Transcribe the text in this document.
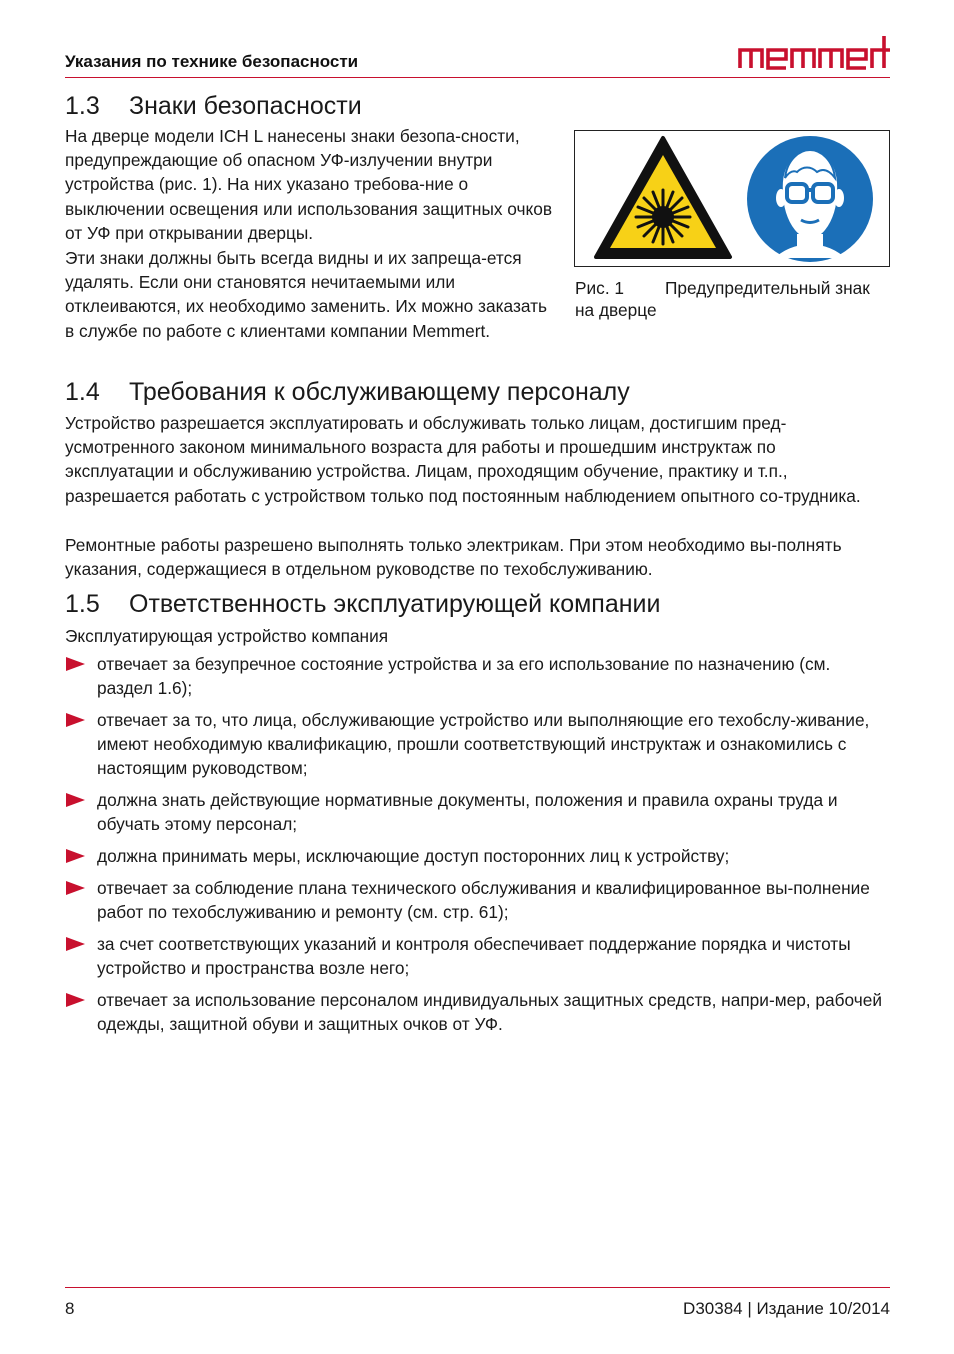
Указания по технике безопасности
1.3 Знаки безопасности

На дверце модели ICH L нанесены знаки безопа-сности, предупреждающие об опасном УФ-излучении внутри устройства (рис. 1). На них указано требова-ние о выключении освещения или использования защитных очков от УФ при открывании дверцы.

Эти знаки должны быть всегда видны и их запреща-ется удалять. Если они становятся нечитаемыми или отклеиваются, их необходимо заменить. Их можно заказать в службе по работе с клиентами компании Memmert.

Рис. 1 Предупредительный знак на дверце
1.4 Требования к обслуживающему персоналу

Устройство разрешается эксплуатировать и обслуживать только лицам, достигшим пред-усмотренного законом минимального возраста для работы и прошедшим инструктаж по эксплуатации и обслуживанию устройства. Лицам, проходящим обучение, практику и т.п., разрешается работать с устройством только под постоянным наблюдением опытного со-трудника.

Ремонтные работы разрешено выполнять только электрикам. При этом необходимо вы-полнять указания, содержащиеся в отдельном руководстве по техобслуживанию.

1.5 Ответственность эксплуатирующей компании

Эксплуатирующая устройство компания

отвечает за безупречное состояние устройства и за его использование по назначению (см. раздел 1.6);
отвечает за то, что лица, обслуживающие устройство или выполняющие его техобслу-живание, имеют необходимую квалификацию, прошли соответствующий инструктаж и ознакомились с настоящим руководством;
должна знать действующие нормативные документы, положения и правила охраны труда и обучать этому персонал;
должна принимать меры, исключающие доступ посторонних лиц к устройству;
отвечает за соблюдение плана технического обслуживания и квалифицированное вы-полнение работ по техобслуживанию и ремонту (см. стр. 61);
за счет соответствующих указаний и контроля обеспечивает поддержание порядка и чистоты устройство и пространства возле него;
отвечает за использование персоналом индивидуальных защитных средств, напри-мер, рабочей одежды, защитной обуви и защитных очков от УФ.
8	D30384 | Издание 10/2014
